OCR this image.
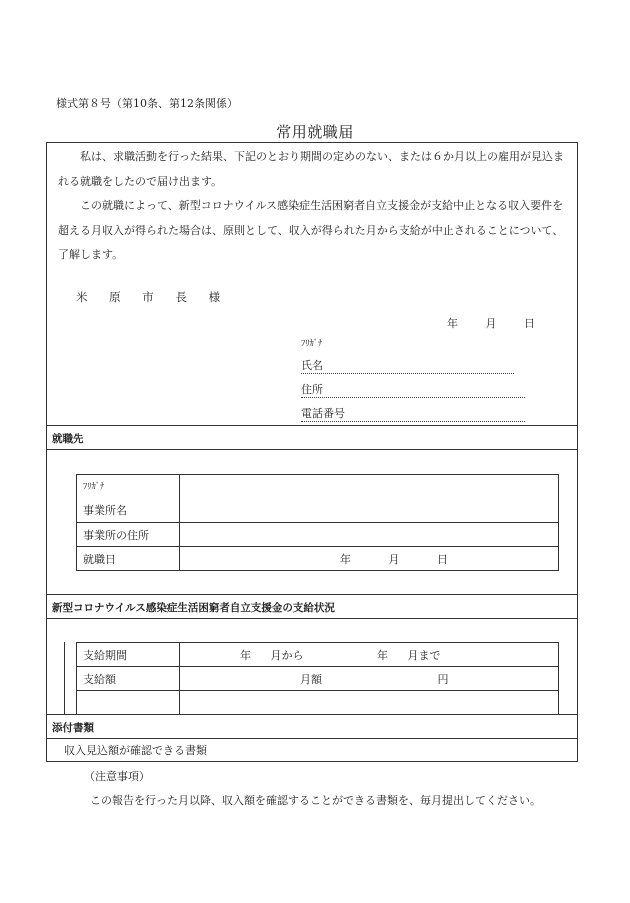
様式第８号（第10条、第12条関係）
常用就職届

私は、求職活動を行った結果、下記のとおり期間の定めのない、または６か月以上の雇用が見込まれる就職をしたので届け出ます。

この就職によって、新型コロナウイルス感染症生活困窮者自立支援金が支給中止となる収入要件を超える月収入が得られた場合は、原則として、収入が得られた月から支給が中止されることについて、了解します。

米 原 市 長 様
年	月	日
ﾌﾘｶﾞﾅ
氏名
住所
電話番号
就職先
ﾌﾘｶﾞﾅ
事業所名	

事業所の住所	
就職日	年 月 日
新型コロナウイルス感染症生活困窮者自立支援金の支給状況
支給期間	年 月から 年 月まで
支給額	月額 円

添付書類
収入見込額が確認できる書類
（注意事項）
この報告を行った月以降、収入額を確認することができる書類を、毎月提出してください。
